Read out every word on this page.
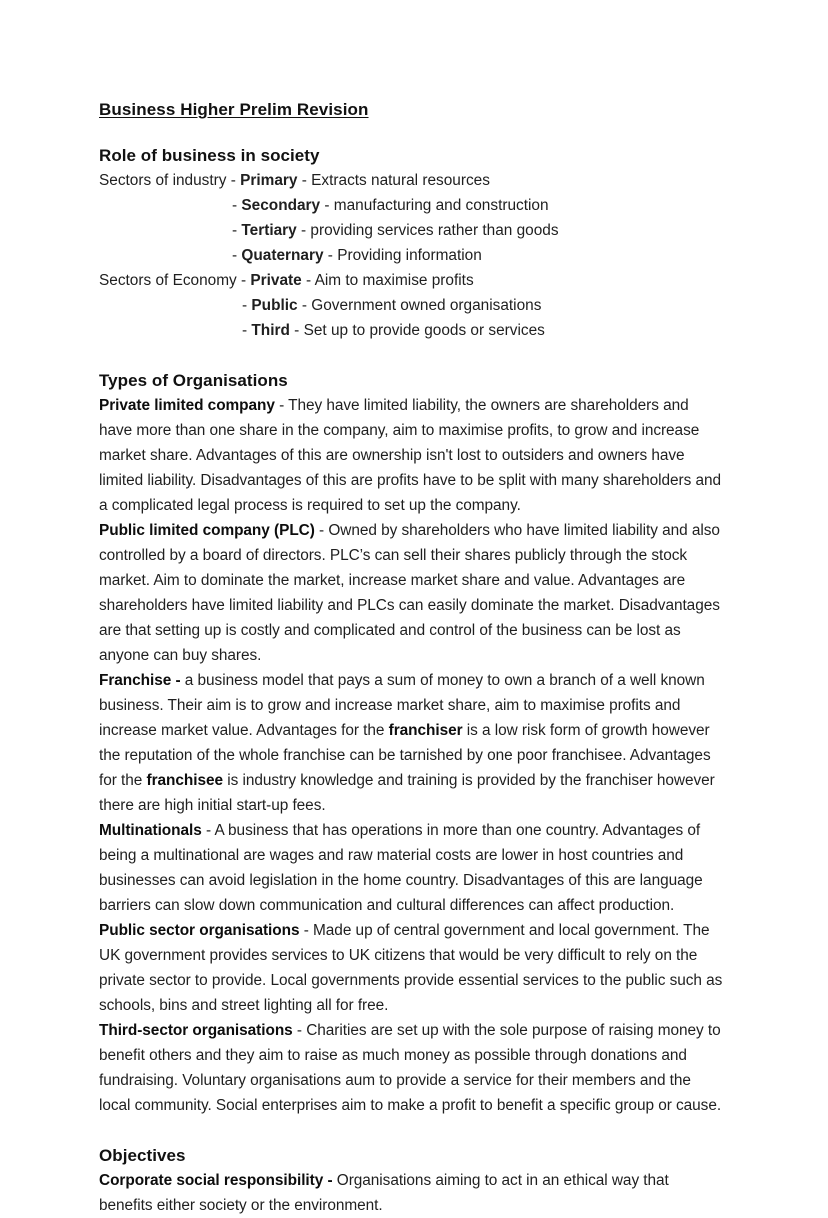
Business Higher Prelim Revision
Role of business in society
Sectors of industry - Primary - Extracts natural resources
- Secondary - manufacturing and construction
- Tertiary - providing services rather than goods
- Quaternary - Providing information
Sectors of Economy - Private - Aim to maximise profits
- Public - Government owned organisations
- Third - Set up to provide goods or services
Types of Organisations

Private limited company - They have limited liability, the owners are shareholders and have more than one share in the company, aim to maximise profits, to grow and increase market share. Advantages of this are ownership isn't lost to outsiders and owners have limited liability. Disadvantages of this are profits have to be split with many shareholders and a complicated legal process is required to set up the company.

Public limited company (PLC) - Owned by shareholders who have limited liability and also controlled by a board of directors. PLC’s can sell their shares publicly through the stock market. Aim to dominate the market, increase market share and value. Advantages are shareholders have limited liability and PLCs can easily dominate the market. Disadvantages are that setting up is costly and complicated and control of the business can be lost as anyone can buy shares.

Franchise - a business model that pays a sum of money to own a branch of a well known business. Their aim is to grow and increase market share, aim to maximise profits and increase market value. Advantages for the franchiser is a low risk form of growth however the reputation of the whole franchise can be tarnished by one poor franchisee. Advantages for the franchisee is industry knowledge and training is provided by the franchiser however there are high initial start-up fees.

Multinationals - A business that has operations in more than one country. Advantages of being a multinational are wages and raw material costs are lower in host countries and businesses can avoid legislation in the home country. Disadvantages of this are language barriers can slow down communication and cultural differences can affect production.

Public sector organisations - Made up of central government and local government. The UK government provides services to UK citizens that would be very difficult to rely on the private sector to provide. Local governments provide essential services to the public such as schools, bins and street lighting all for free.

Third-sector organisations - Charities are set up with the sole purpose of raising money to benefit others and they aim to raise as much money as possible through donations and fundraising. Voluntary organisations aum to provide a service for their members and the local community. Social enterprises aim to make a profit to benefit a specific group or cause.

Objectives

Corporate social responsibility - Organisations aiming to act in an ethical way that benefits either society or the environment.
